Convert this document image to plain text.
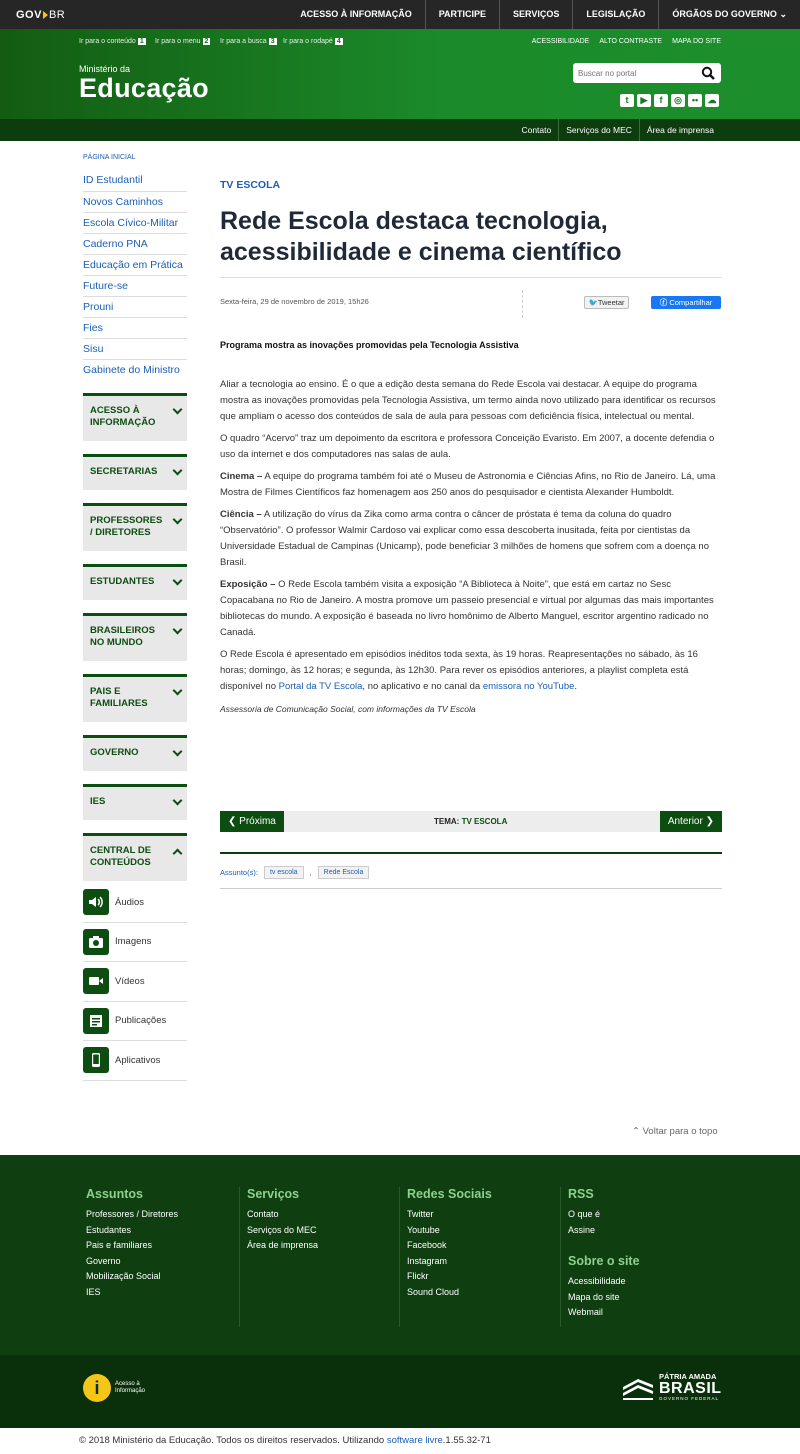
GOV BR	ACESSO À INFORMAÇÃO	PARTICIPE	SERVIÇOS	LEGISLAÇÃO	ÓRGÃOS DO GOVERNO ⌄
Ir para o conteúdo 1 Ir para o menu 2 Ir para a busca 3 Ir para o rodapé 4	ACESSIBILIDADE ALTO CONTRASTE MAPA DO SITE
Ministério da
Educação
Buscar no portal	t	▶	f	◎	••	☁
Contato	Serviços do MEC	Área de imprensa
PÁGINA INICIAL
ID Estudantil
Novos Caminhos
Escola Cívico-Militar
Caderno PNA
Educação em Prática
Future-se
Prouni
Fies
Sisu
Gabinete do Ministro
ACESSO À INFORMAÇÃO
SECRETARIAS
PROFESSORES / DIRETORES
ESTUDANTES
BRASILEIROS NO MUNDO
PAIS E FAMILIARES
GOVERNO
IES
CENTRAL DE CONTEÚDOS
Áudios
Imagens
Vídeos
Publicações
Aplicativos
TV ESCOLA
Rede Escola destaca tecnologia, acessibilidade e cinema científico
Sexta-feira, 29 de novembro de 2019, 15h26	🐦Tweetar	ⓕ Compartilhar
Programa mostra as inovações promovidas pela Tecnologia Assistiva

Aliar a tecnologia ao ensino. É o que a edição desta semana do Rede Escola vai destacar. A equipe do programa mostra as inovações promovidas pela Tecnologia Assistiva, um termo ainda novo utilizado para identificar os recursos que ampliam o acesso dos conteúdos de sala de aula para pessoas com deficiência física, intelectual ou mental.

O quadro “Acervo” traz um depoimento da escritora e professora Conceição Evaristo. Em 2007, a docente defendia o uso da internet e dos computadores nas salas de aula.

Cinema – A equipe do programa também foi até o Museu de Astronomia e Ciências Afins, no Rio de Janeiro. Lá, uma Mostra de Filmes Científicos faz homenagem aos 250 anos do pesquisador e cientista Alexander Humboldt.

Ciência – A utilização do vírus da Zika como arma contra o câncer de próstata é tema da coluna do quadro “Observatório”. O professor Walmir Cardoso vai explicar como essa descoberta inusitada, feita por cientistas da Universidade Estadual de Campinas (Unicamp), pode beneficiar 3 milhões de homens que sofrem com a doença no Brasil.

Exposição – O Rede Escola também visita a exposição “A Biblioteca à Noite”, que está em cartaz no Sesc Copacabana no Rio de Janeiro. A mostra promove um passeio presencial e virtual por algumas das mais importantes bibliotecas do mundo. A exposição é baseada no livro homônimo de Alberto Manguel, escritor argentino radicado no Canadá.

O Rede Escola é apresentado em episódios inéditos toda sexta, às 19 horas. Reapresentações no sábado, às 16 horas; domingo, às 12 horas; e segunda, às 12h30. Para rever os episódios anteriores, a playlist completa está disponível no Portal da TV Escola, no aplicativo e no canal da emissora no YouTube.

Assessoria de Comunicação Social, com informações da TV Escola

❮ Próxima	TEMA: TV ESCOLA	Anterior ❯
Assunto(s):	tv escola	,	Rede Escola
⌃ Voltar para o topo
Assuntos
Professores / Diretores
Estudantes
Pais e familiares
Governo
Mobilização Social
IES
Serviços
Contato
Serviços do MEC
Área de imprensa
Redes Sociais
Twitter
Youtube
Facebook
Instagram
Flickr
Sound Cloud
RSS
O que é
Assine
Sobre o site
Acessibilidade
Mapa do site
Webmail
i	Acesso à
Informação
PÁTRIA AMADA
BRASIL
GOVERNO FEDERAL
© 2018 Ministério da Educação. Todos os direitos reservados. Utilizando software livre.1.55.32-71
